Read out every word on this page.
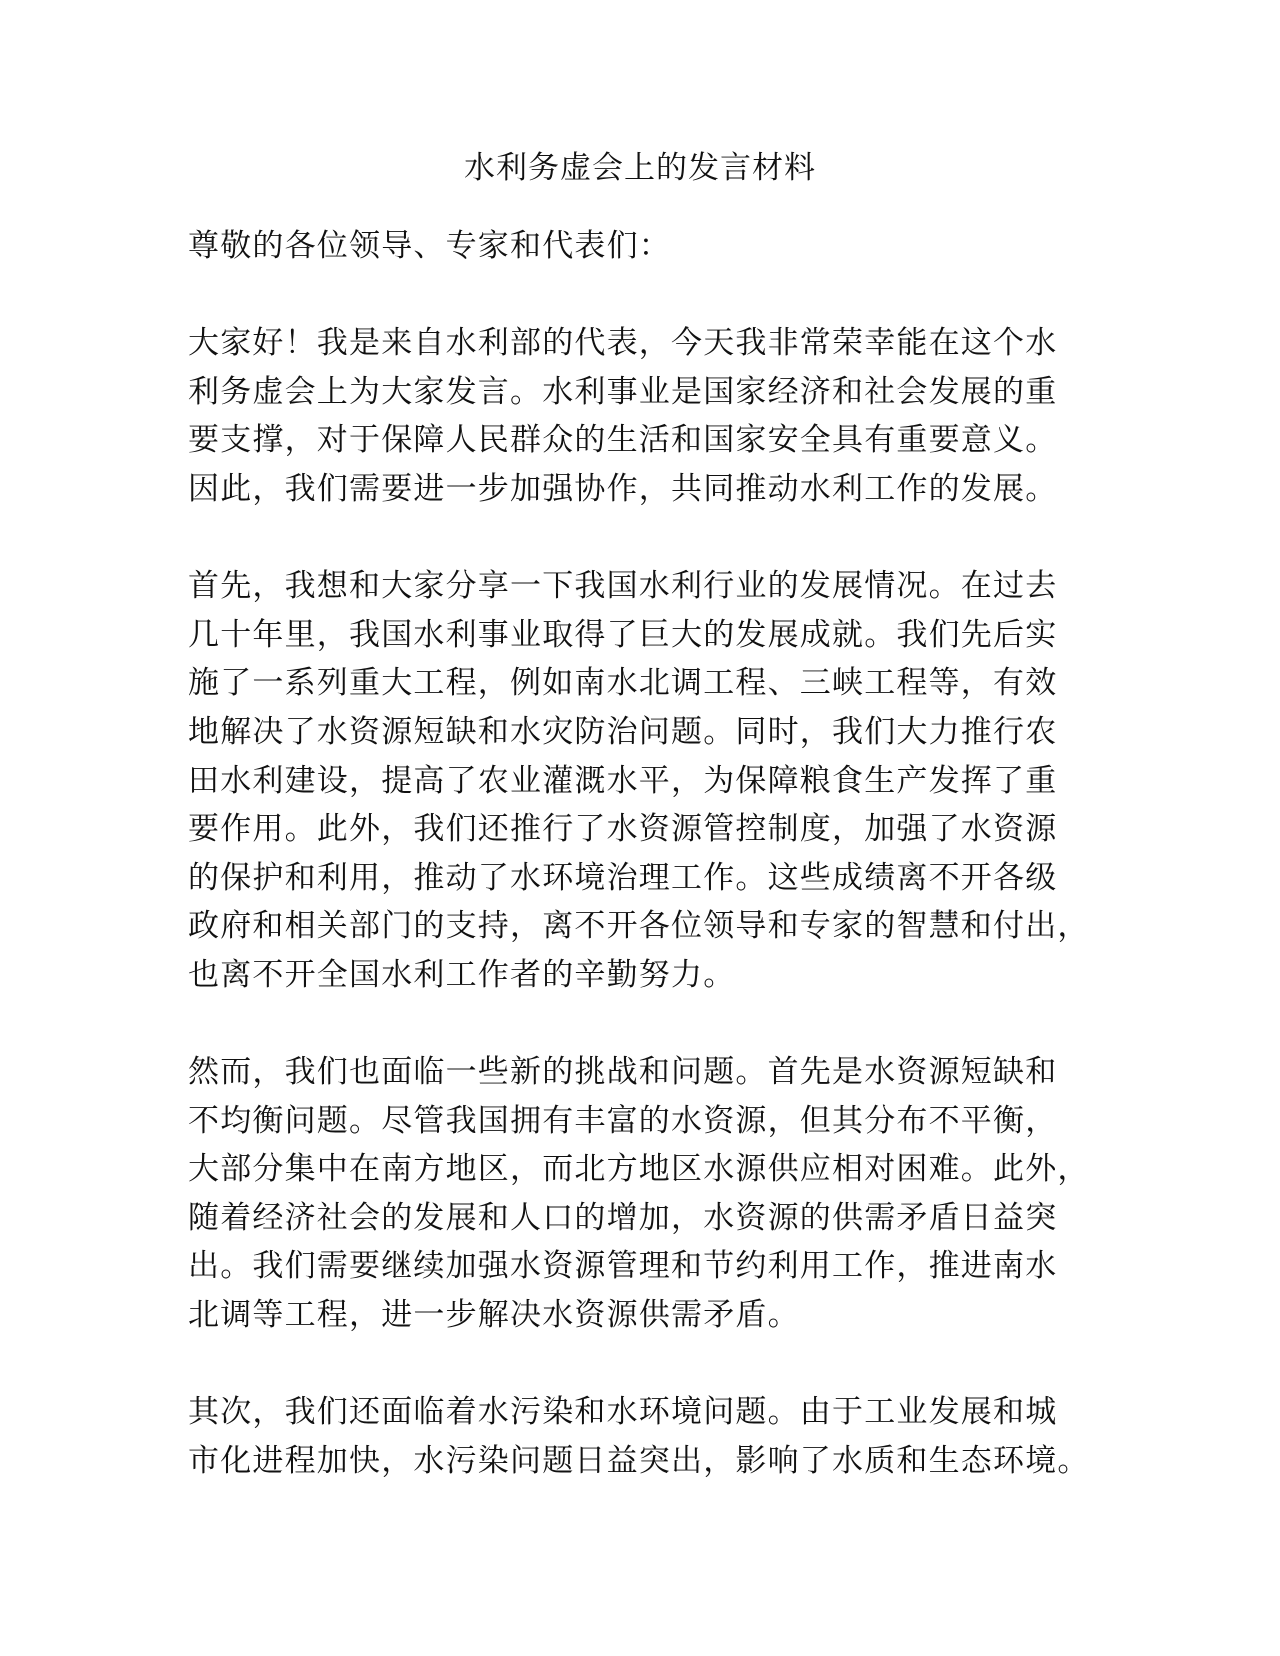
水利务虚会上的发言材料

尊敬的各位领导、专家和代表们：

大家好！我是来自水利部的代表，今天我非常荣幸能在这个水
利务虚会上为大家发言。水利事业是国家经济和社会发展的重
要支撑，对于保障人民群众的生活和国家安全具有重要意义。
因此，我们需要进一步加强协作，共同推动水利工作的发展。

首先，我想和大家分享一下我国水利行业的发展情况。在过去
几十年里，我国水利事业取得了巨大的发展成就。我们先后实
施了一系列重大工程，例如南水北调工程、三峡工程等，有效
地解决了水资源短缺和水灾防治问题。同时，我们大力推行农
田水利建设，提高了农业灌溉水平，为保障粮食生产发挥了重
要作用。此外，我们还推行了水资源管控制度，加强了水资源
的保护和利用，推动了水环境治理工作。这些成绩离不开各级
政府和相关部门的支持，离不开各位领导和专家的智慧和付出，
也离不开全国水利工作者的辛勤努力。

然而，我们也面临一些新的挑战和问题。首先是水资源短缺和
不均衡问题。尽管我国拥有丰富的水资源，但其分布不平衡，
大部分集中在南方地区，而北方地区水源供应相对困难。此外，
随着经济社会的发展和人口的增加，水资源的供需矛盾日益突
出。我们需要继续加强水资源管理和节约利用工作，推进南水
北调等工程，进一步解决水资源供需矛盾。

其次，我们还面临着水污染和水环境问题。由于工业发展和城
市化进程加快，水污染问题日益突出，影响了水质和生态环境。
